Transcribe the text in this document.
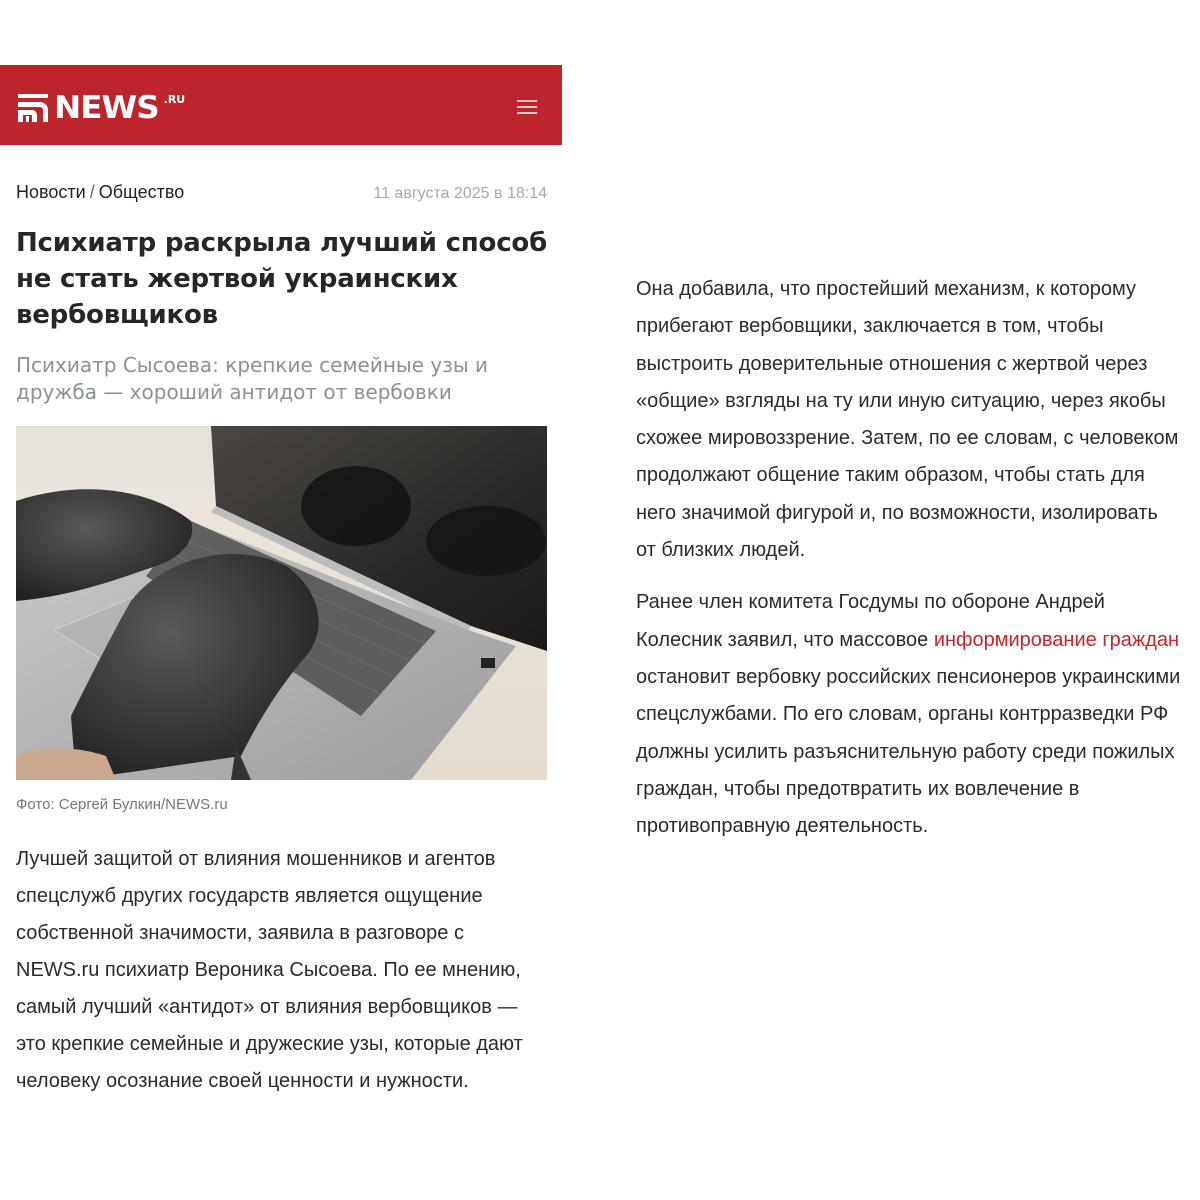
NEWS .RU
Новости / Общество	11 августа 2025 в 18:14
Психиатр раскрыла лучший способ не стать жертвой украинских вербовщиков

Психиатр Сысоева: крепкие семейные узы и дружба — хороший антидот от вербовки

Фото: Сергей Булкин/NEWS.ru

Лучшей защитой от влияния мошенников и агентов спецслужб других государств является ощущение собственной значимости, заявила в разговоре с NEWS.ru психиатр Вероника Сысоева. По ее мнению, самый лучший «антидот» от влияния вербовщиков — это крепкие семейные и дружеские узы, которые дают человеку осознание своей ценности и нужности.

Она добавила, что простейший механизм, к которому прибегают вербовщики, заключается в том, чтобы выстроить доверительные отношения с жертвой через «общие» взгляды на ту или иную ситуацию, через якобы схожее мировоззрение. Затем, по ее словам, с человеком продолжают общение таким образом, чтобы стать для него значимой фигурой и, по возможности, изолировать от близких людей.

Ранее член комитета Госдумы по обороне Андрей Колесник заявил, что массовое информирование граждан остановит вербовку российских пенсионеров украинскими спецслужбами. По его словам, органы контрразведки РФ должны усилить разъяснительную работу среди пожилых граждан, чтобы предотвратить их вовлечение в противоправную деятельность.
